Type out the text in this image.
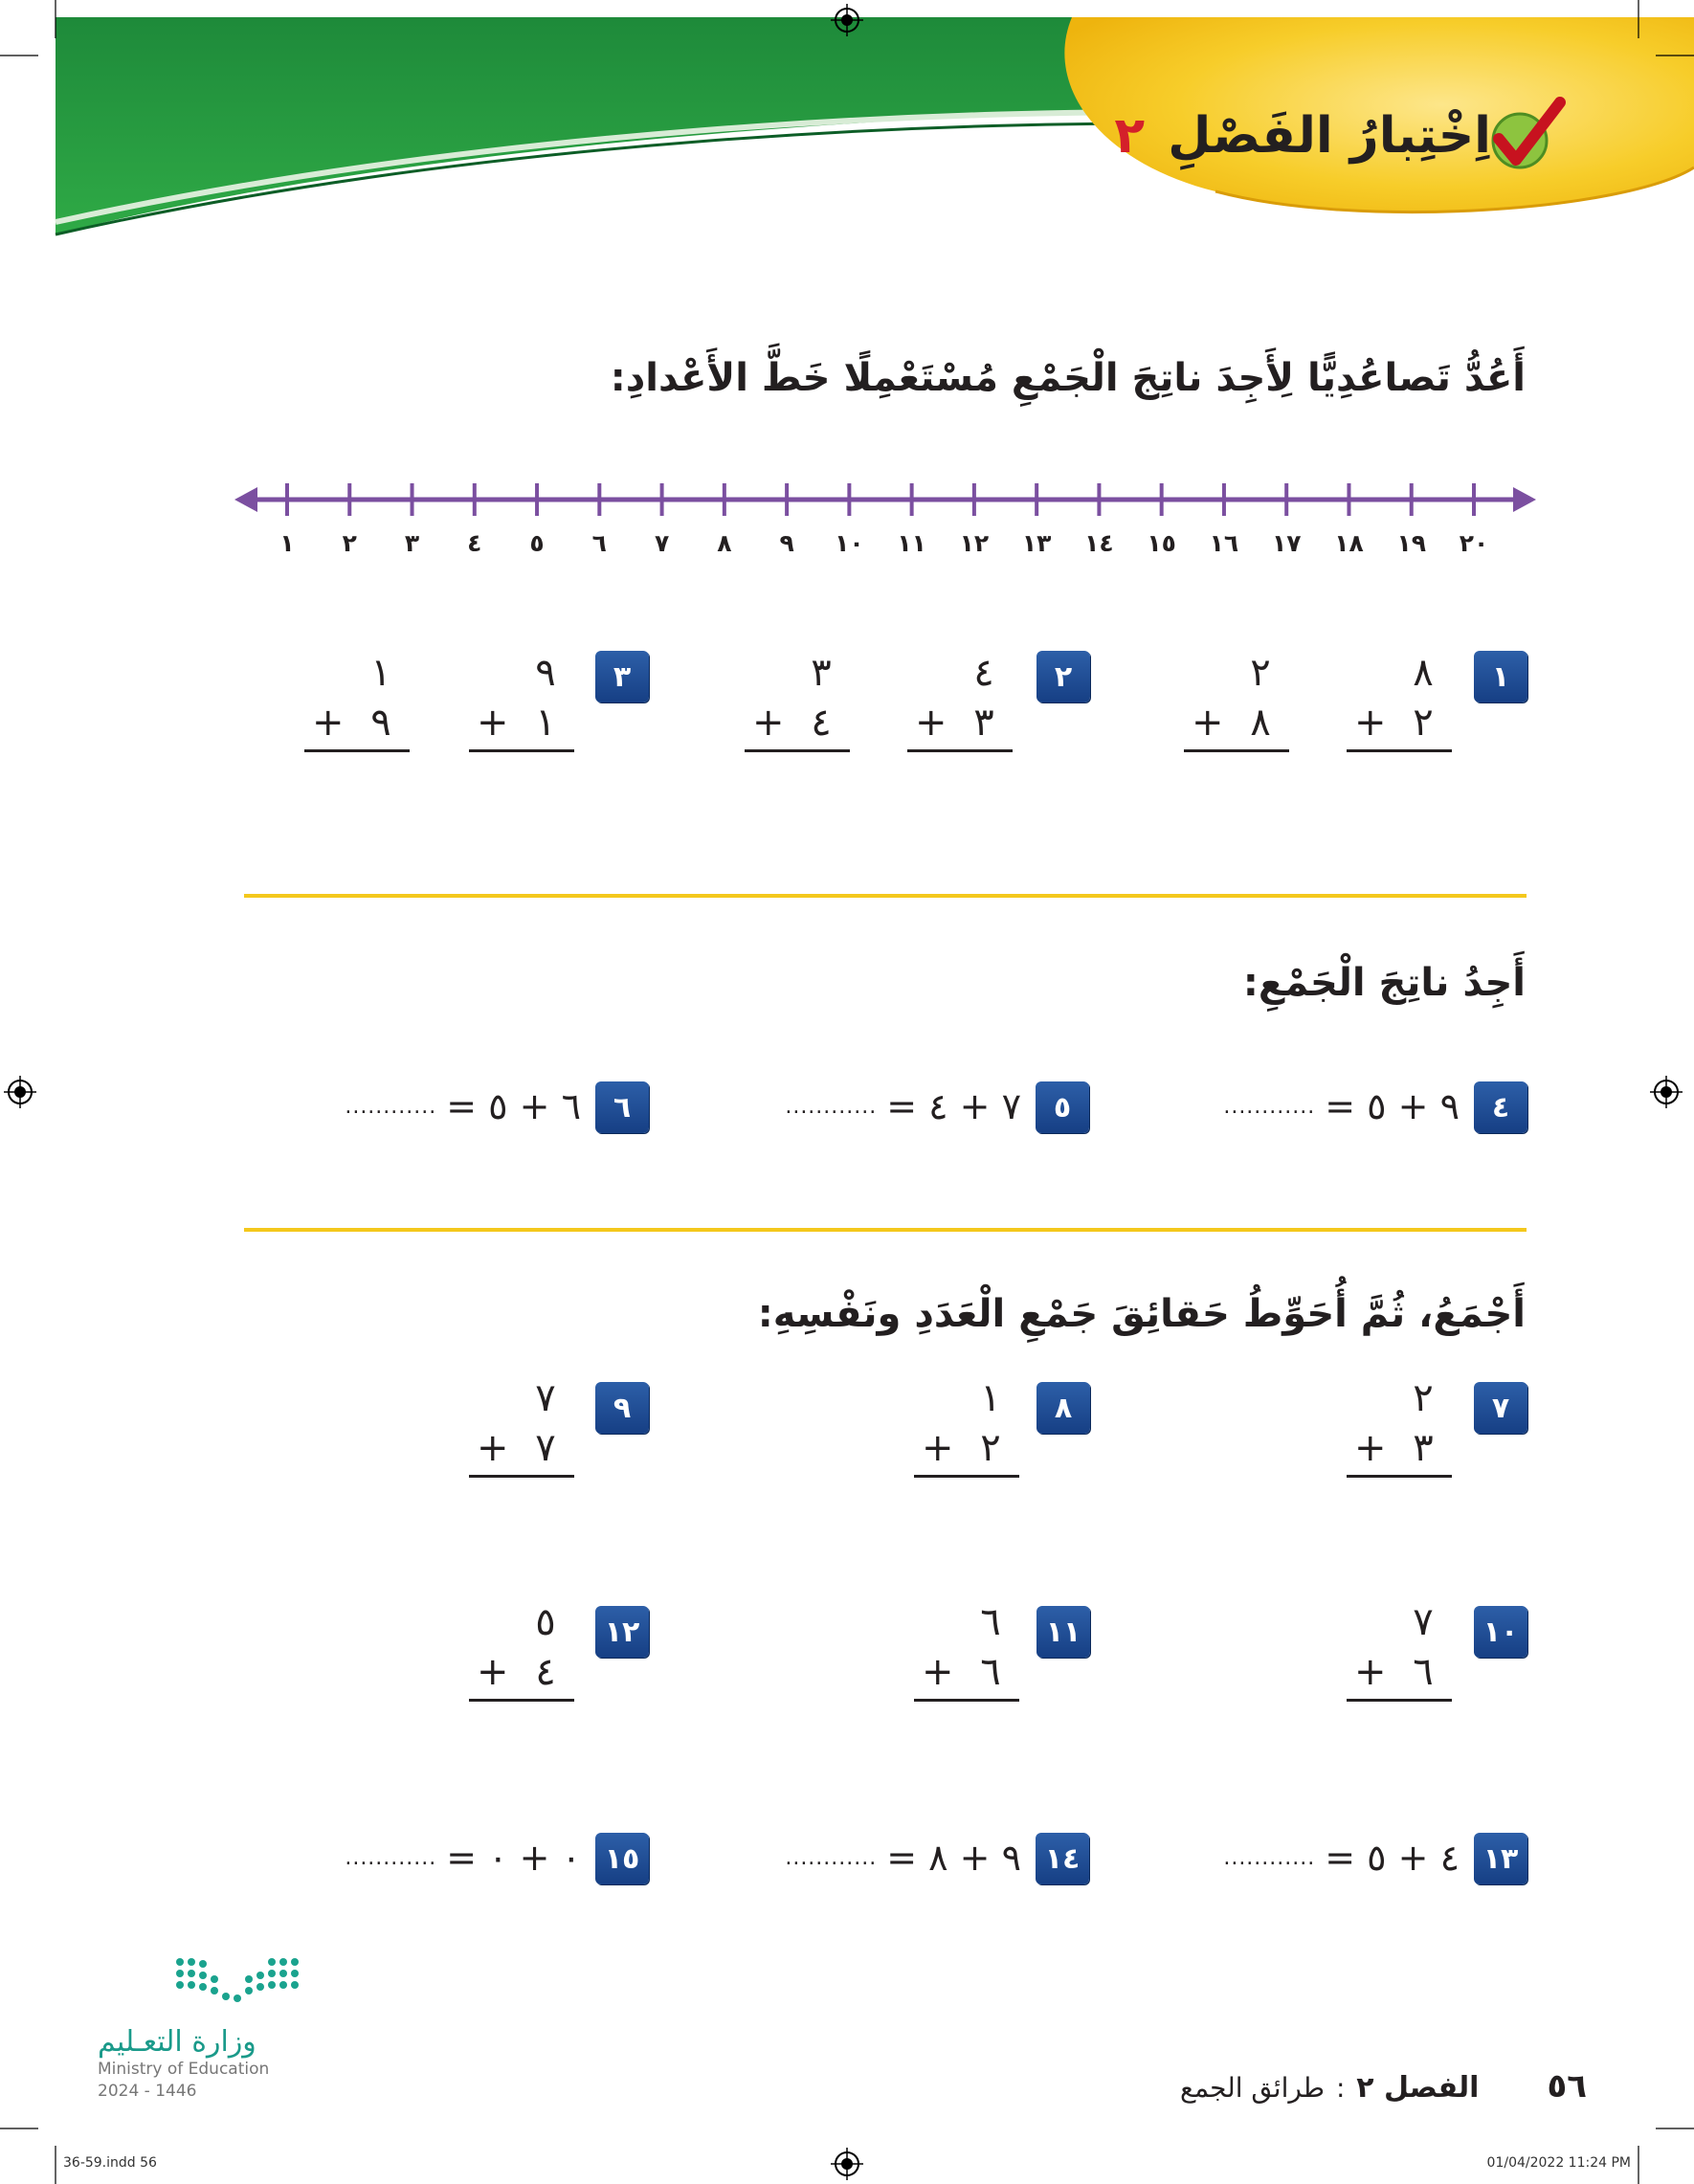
اِخْتِبارُ الفَصْلِ ٢
أَعُدُّ تَصاعُدِيًّا لِأَجِدَ ناتِجَ الْجَمْعِ مُسْتَعْمِلًا خَطَّ الأَعْدادِ:
١	٢	٣	٤	٥	٦	٧	٨	٩	١٠	١١	١٢	١٣	١٤	١٥	١٦	١٧	١٨	١٩	٢٠
١
٨
+ ٢
٢
+ ٨
٢
٤
+ ٣
٣
+ ٤
٣
٩
+ ١
١
+ ٩
أَجِدُ ناتِجَ الْجَمْعِ:
٤
............ ٩ + ٥ =
٥
............ ٧ + ٤ =
٦
............ ٦ + ٥ =
أَجْمَعُ، ثُمَّ أُحَوِّطُ حَقائِقَ جَمْعِ الْعَدَدِ ونَفْسِهِ:
٧
٢
+ ٣
٨
١
+ ٢
٩
٧
+ ٧
١٠
٧
+ ٦
١١
٦
+ ٦
١٢
٥
+ ٤
١٣
............ ٤ + ٥ =
١٤
............ ٩ + ٨ =
١٥
............ ٠ + ٠ =
وزارة التعـليم
Ministry of Education
2024 - 1446	٥٦      الفصل ٢ : طرائق الجمع
36-59.indd 56	01/04/2022 11:24 PM
